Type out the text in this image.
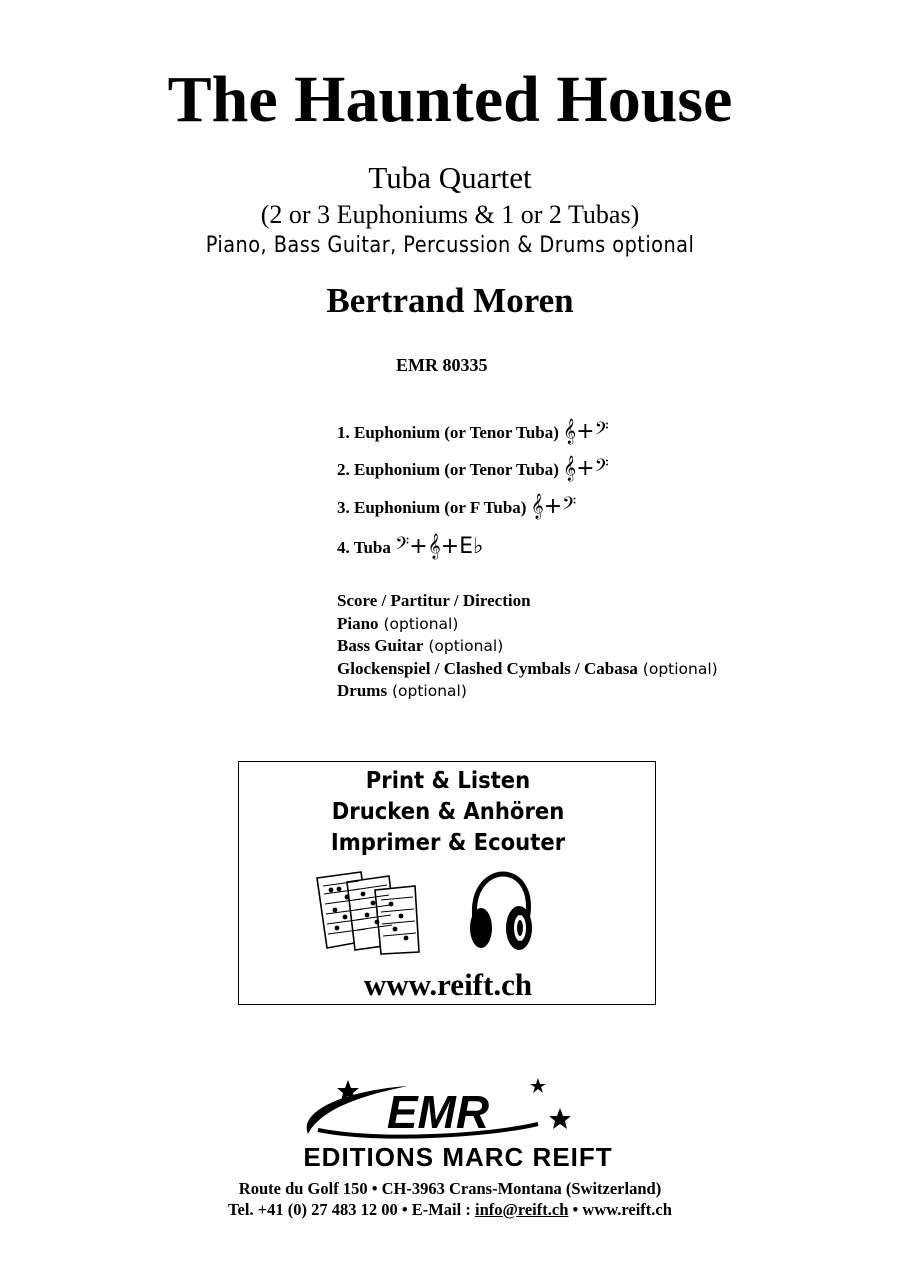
The Haunted House
Tuba Quartet
(2 or 3 Euphoniums & 1 or 2 Tubas)
Piano, Bass Guitar, Percussion & Drums optional
Bertrand Moren
EMR 80335
1. Euphonium (or Tenor Tuba) 𝄞+𝄢
2. Euphonium (or Tenor Tuba) 𝄞+𝄢
3. Euphonium (or F Tuba) 𝄞+𝄢
4. Tuba 𝄢+𝄞+E♭
Score / Partitur / Direction
Piano (optional)
Bass Guitar (optional)
Glockenspiel / Clashed Cymbals / Cabasa (optional)
Drums (optional)
Print & Listen
Drucken & Anhören
Imprimer & Ecouter
www.reift.ch
EMR
EDITIONS MARC REIFT
Route du Golf 150 • CH-3963 Crans-Montana (Switzerland)
Tel. +41 (0) 27 483 12 00 • E-Mail : info@reift.ch • www.reift.ch
